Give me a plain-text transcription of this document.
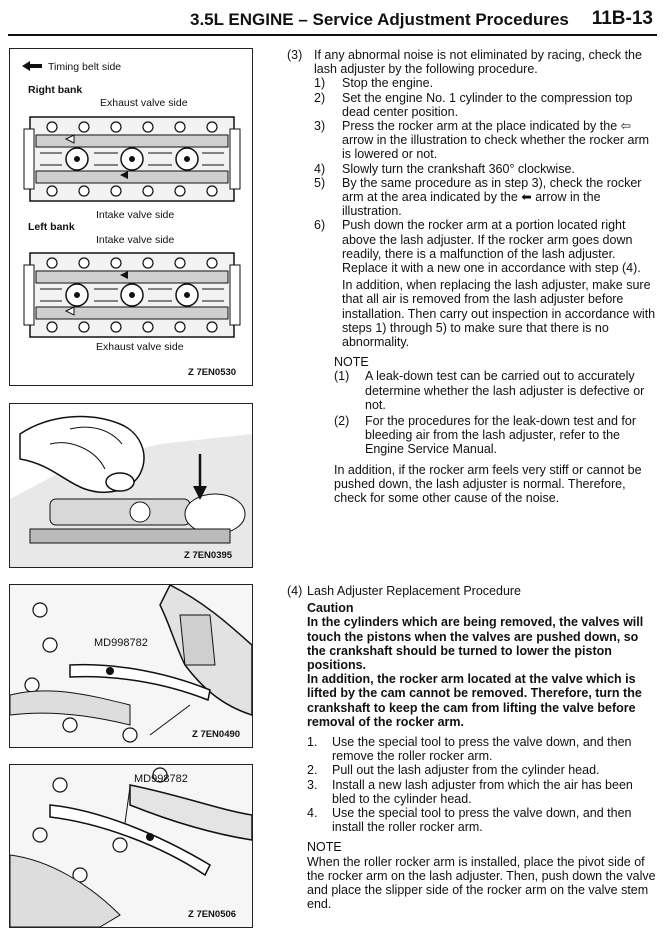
3.5L ENGINE – Service Adjustment Procedures 11B-13
Timing belt side
Right bank
Exhaust valve side
Intake valve side
Left bank
Intake valve side
Exhaust valve side
Z 7EN0530
Z 7EN0395
MD998782
Z 7EN0490
MD998782
Z 7EN0506

(3) If any abnormal noise is not eliminated by racing, check the lash adjuster by the following procedure.

1) Stop the engine.

2) Set the engine No. 1 cylinder to the compression top dead center position.

3) Press the rocker arm at the place indicated by the ⇦ arrow in the illustration to check whether the rocker arm is lowered or not.

4) Slowly turn the crankshaft 360° clockwise.

5) By the same procedure as in step 3), check the rocker arm at the area indicated by the ⬅ arrow in the illustration.

6) Push down the rocker arm at a portion located right above the lash adjuster. If the rocker arm goes down readily, there is a malfunction of the lash adjuster. Replace it with a new one in accordance with step (4).

In addition, when replacing the lash adjuster, make sure that all air is removed from the lash adjuster before installation. Then carry out inspection in accordance with steps 1) through 5) to make sure that there is no abnormality.

NOTE

(1) A leak-down test can be carried out to accurately determine whether the lash adjuster is defective or not.

(2) For the procedures for the leak-down test and for bleeding air from the lash adjuster, refer to the Engine Service Manual.

In addition, if the rocker arm feels very stiff or cannot be pushed down, the lash adjuster is normal. Therefore, check for some other cause of the noise.

(4) Lash Adjuster Replacement Procedure

Caution

In the cylinders which are being removed, the valves will touch the pistons when the valves are pushed down, so the crankshaft should be turned to lower the piston positions.

In addition, the rocker arm located at the valve which is lifted by the cam cannot be removed. Therefore, turn the crankshaft to keep the cam from lifting the valve before removal of the rocker arm.

1. Use the special tool to press the valve down, and then remove the roller rocker arm.

2. Pull out the lash adjuster from the cylinder head.

3. Install a new lash adjuster from which the air has been bled to the cylinder head.

4. Use the special tool to press the valve down, and then install the roller rocker arm.

NOTE

When the roller rocker arm is installed, place the pivot side of the rocker arm on the lash adjuster. Then, push down the valve and place the slipper side of the rocker arm on the valve stem end.
